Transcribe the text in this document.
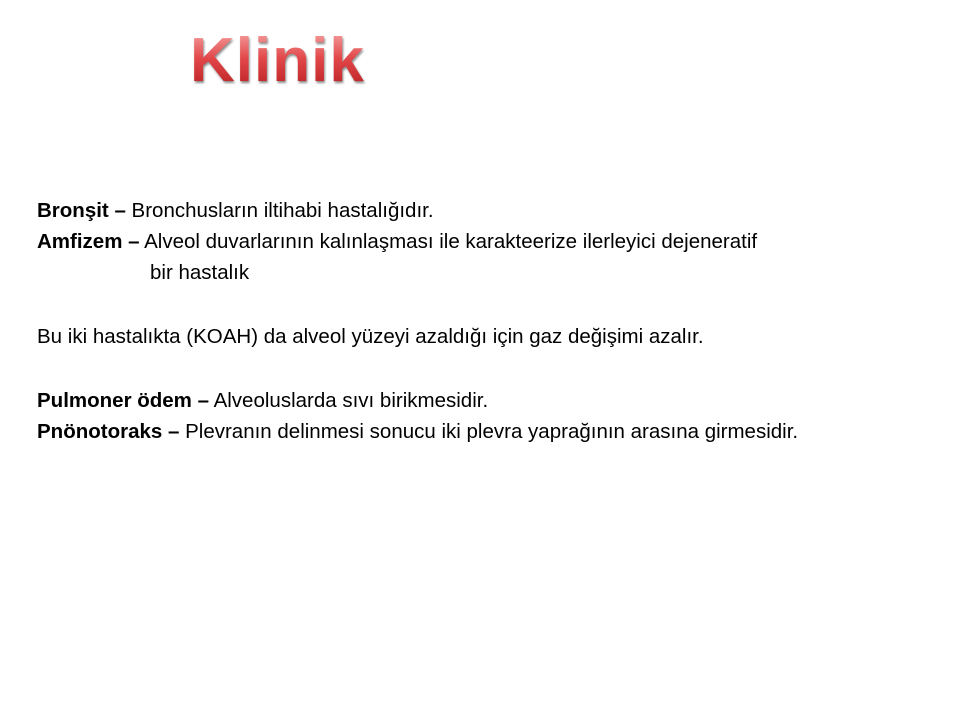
Klinik
Bronşit – Bronchusların iltihabi hastalığıdır.
Amfizem – Alveol duvarlarının kalınlaşması ile karakteerize ilerleyici dejeneratif
bir hastalık
Bu iki hastalıkta (KOAH) da alveol yüzeyi azaldığı için gaz değişimi azalır.
Pulmoner ödem – Alveoluslarda sıvı birikmesidir.
Pnönotoraks – Plevranın delinmesi sonucu iki plevra yaprağının arasına girmesidir.
